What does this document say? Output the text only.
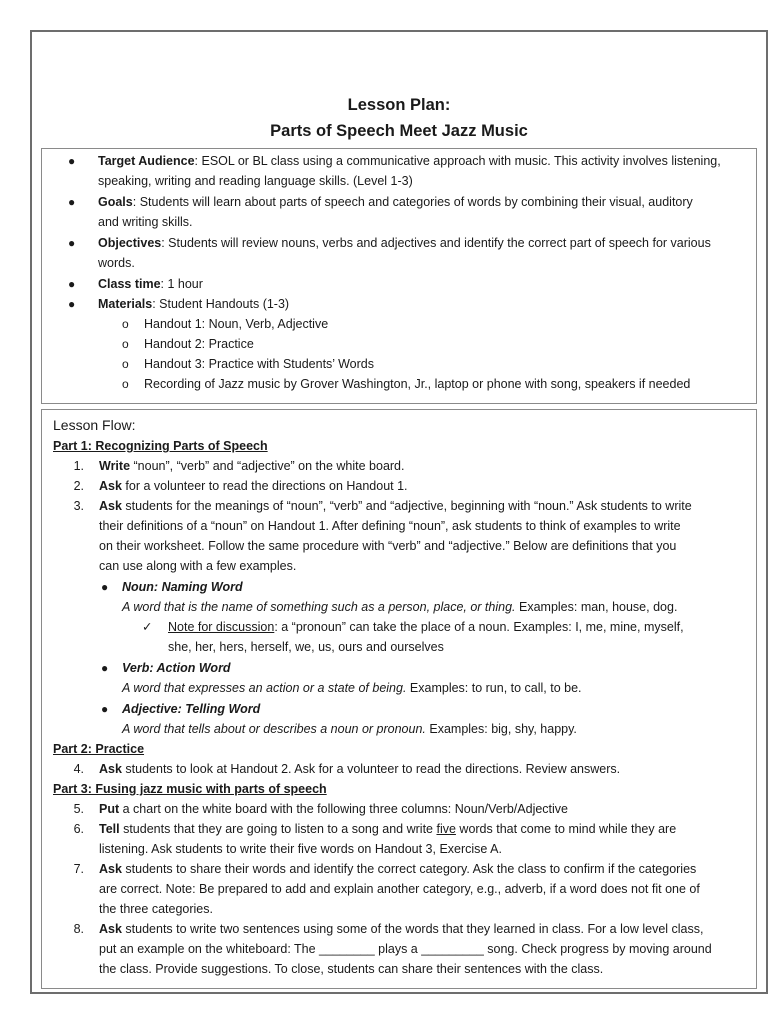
Lesson Plan:
Parts of Speech Meet Jazz Music
● Target Audience: ESOL or BL class using a communicative approach with music. This activity involves listening,
speaking, writing and reading language skills. (Level 1-3)
● Goals: Students will learn about parts of speech and categories of words by combining their visual, auditory
and writing skills.
● Objectives: Students will review nouns, verbs and adjectives and identify the correct part of speech for various
words.
● Class time: 1 hour
● Materials: Student Handouts (1-3)
o Handout 1: Noun, Verb, Adjective
o Handout 2: Practice
o Handout 3: Practice with Students’ Words
o Recording of Jazz music by Grover Washington, Jr., laptop or phone with song, speakers if needed
Lesson Flow:
Part 1: Recognizing Parts of Speech
1. Write “noun”, “verb” and “adjective” on the white board.
2. Ask for a volunteer to read the directions on Handout 1.
3. Ask students for the meanings of “noun”, “verb” and “adjective, beginning with “noun.” Ask students to write
their definitions of a “noun” on Handout 1. After defining “noun”, ask students to think of examples to write
on their worksheet. Follow the same procedure with “verb” and “adjective.” Below are definitions that you
can use along with a few examples.
● Noun: Naming Word
A word that is the name of something such as a person, place, or thing. Examples: man, house, dog.
✓ Note for discussion: a “pronoun” can take the place of a noun. Examples: I, me, mine, myself,
she, her, hers, herself, we, us, ours and ourselves
● Verb: Action Word
A word that expresses an action or a state of being. Examples: to run, to call, to be.
● Adjective: Telling Word
A word that tells about or describes a noun or pronoun. Examples: big, shy, happy.
Part 2: Practice
4. Ask students to look at Handout 2. Ask for a volunteer to read the directions. Review answers.
Part 3: Fusing jazz music with parts of speech
5. Put a chart on the white board with the following three columns: Noun/Verb/Adjective
6. Tell students that they are going to listen to a song and write five words that come to mind while they are
listening. Ask students to write their five words on Handout 3, Exercise A.
7. Ask students to share their words and identify the correct category. Ask the class to confirm if the categories
are correct. Note: Be prepared to add and explain another category, e.g., adverb, if a word does not fit one of
the three categories.
8. Ask students to write two sentences using some of the words that they learned in class. For a low level class,
put an example on the whiteboard: The ________ plays a _________ song. Check progress by moving around
the class. Provide suggestions. To close, students can share their sentences with the class.
